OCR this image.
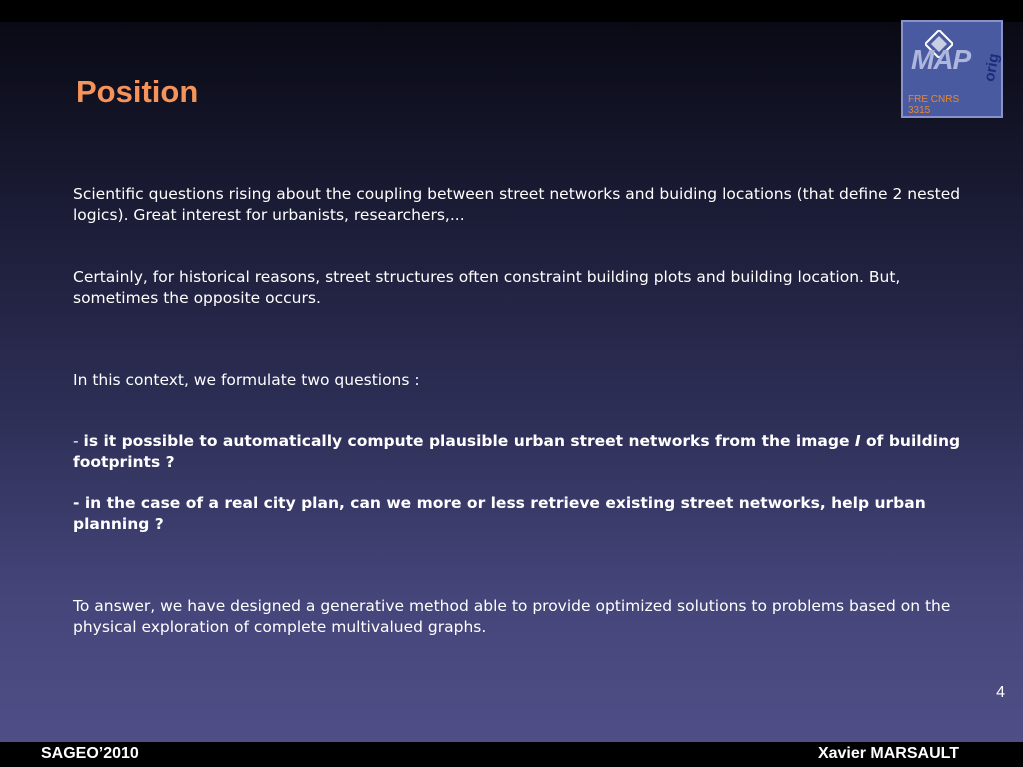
Position
MAP orig
FRE CNRS
3315
Scientific questions rising about the coupling between street networks and buiding locations (that define 2 nested logics). Great interest for urbanists, researchers,...
Certainly, for historical reasons, street structures often constraint building plots and building location. But, sometimes the opposite occurs.
In this context, we formulate two questions :
- is it possible to automatically compute plausible urban street networks from the image I of building footprints ?
- in the case of a real city plan, can we more or less retrieve existing street networks, help urban planning ?
To answer, we have designed a generative method able to provide optimized solutions to problems based on the physical exploration of complete multivalued graphs.
4
SAGEO’2010	Xavier MARSAULT
